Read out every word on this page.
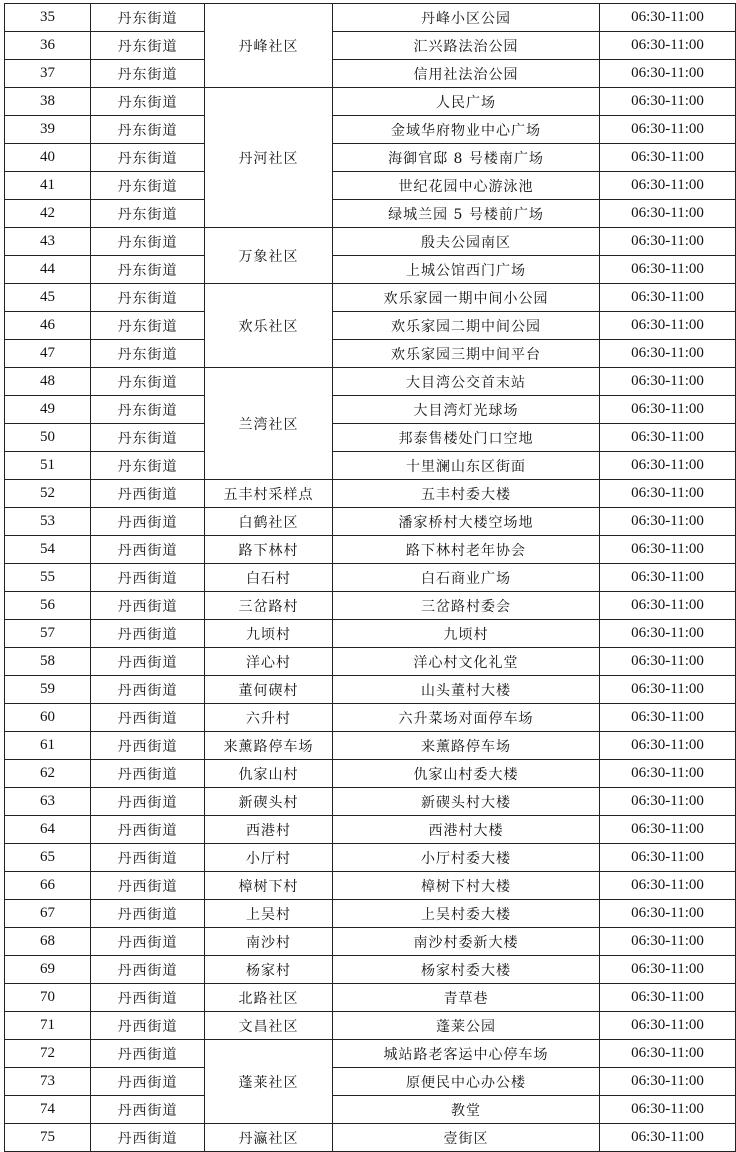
35	丹东街道	丹峰社区	丹峰小区公园	06:30-11:00
36	丹东街道		汇兴路法治公园	06:30-11:00
37	丹东街道		信用社法治公园	06:30-11:00
38	丹东街道	丹河社区	人民广场	06:30-11:00
39	丹东街道		金域华府物业中心广场	06:30-11:00
40	丹东街道		海御官邸 8 号楼南广场	06:30-11:00
41	丹东街道		世纪花园中心游泳池	06:30-11:00
42	丹东街道		绿城兰园 5 号楼前广场	06:30-11:00
43	丹东街道	万象社区	殷夫公园南区	06:30-11:00
44	丹东街道		上城公馆西门广场	06:30-11:00
45	丹东街道	欢乐社区	欢乐家园一期中间小公园	06:30-11:00
46	丹东街道		欢乐家园二期中间公园	06:30-11:00
47	丹东街道		欢乐家园三期中间平台	06:30-11:00
48	丹东街道	兰湾社区	大目湾公交首末站	06:30-11:00
49	丹东街道		大目湾灯光球场	06:30-11:00
50	丹东街道		邦泰售楼处门口空地	06:30-11:00
51	丹东街道		十里澜山东区街面	06:30-11:00
52	丹西街道	五丰村采样点	五丰村委大楼	06:30-11:00
53	丹西街道	白鹤社区	潘家桥村大楼空场地	06:30-11:00
54	丹西街道	路下林村	路下林村老年协会	06:30-11:00
55	丹西街道	白石村	白石商业广场	06:30-11:00
56	丹西街道	三岔路村	三岔路村委会	06:30-11:00
57	丹西街道	九顷村	九顷村	06:30-11:00
58	丹西街道	洋心村	洋心村文化礼堂	06:30-11:00
59	丹西街道	董何碶村	山头董村大楼	06:30-11:00
60	丹西街道	六升村	六升菜场对面停车场	06:30-11:00
61	丹西街道	来薰路停车场	来薰路停车场	06:30-11:00
62	丹西街道	仇家山村	仇家山村委大楼	06:30-11:00
63	丹西街道	新碶头村	新碶头村大楼	06:30-11:00
64	丹西街道	西港村	西港村大楼	06:30-11:00
65	丹西街道	小厅村	小厅村委大楼	06:30-11:00
66	丹西街道	樟树下村	樟树下村大楼	06:30-11:00
67	丹西街道	上吴村	上吴村委大楼	06:30-11:00
68	丹西街道	南沙村	南沙村委新大楼	06:30-11:00
69	丹西街道	杨家村	杨家村委大楼	06:30-11:00
70	丹西街道	北路社区	青草巷	06:30-11:00
71	丹西街道	文昌社区	蓬莱公园	06:30-11:00
72	丹西街道	蓬莱社区	城站路老客运中心停车场	06:30-11:00
73	丹西街道		原便民中心办公楼	06:30-11:00
74	丹西街道		教堂	06:30-11:00
75	丹西街道	丹瀛社区	壹街区	06:30-11:00
